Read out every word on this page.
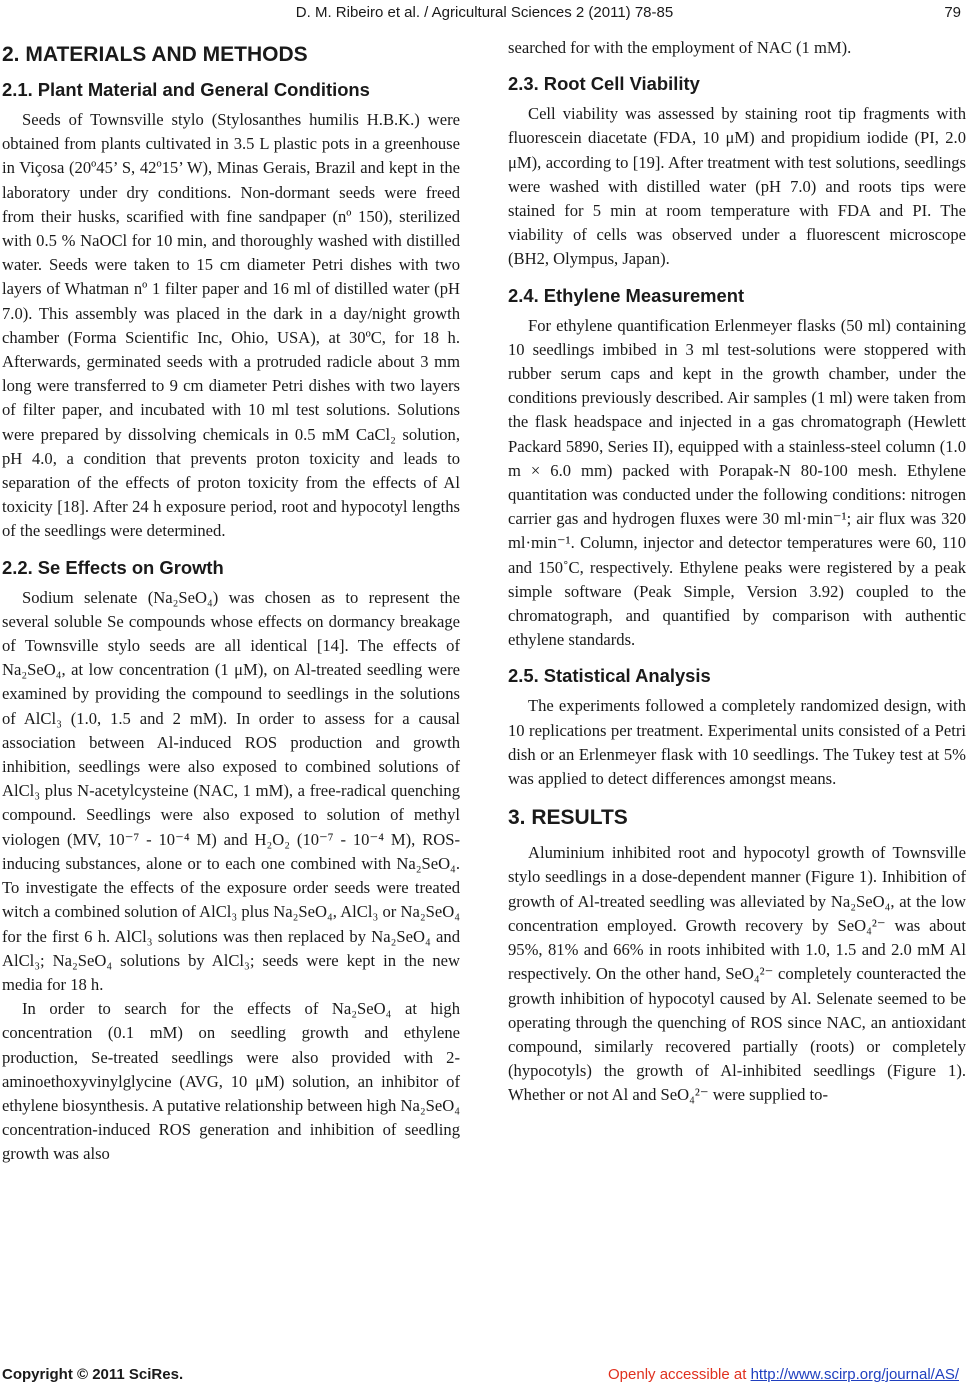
D. M. Ribeiro et al. / Agricultural Sciences 2 (2011) 78-85	79
2. MATERIALS AND METHODS
2.1. Plant Material and General Conditions

Seeds of Townsville stylo (Stylosanthes humilis H.B.K.) were obtained from plants cultivated in 3.5 L plastic pots in a greenhouse in Viçosa (20º45’ S, 42º15’ W), Minas Gerais, Brazil and kept in the laboratory under dry conditions. Non-dormant seeds were freed from their husks, scarified with fine sandpaper (nº 150), sterilized with 0.5 % NaOCl for 10 min, and thoroughly washed with distilled water. Seeds were taken to 15 cm diameter Petri dishes with two layers of Whatman nº 1 filter paper and 16 ml of distilled water (pH 7.0). This assembly was placed in the dark in a day/night growth chamber (Forma Scientific Inc, Ohio, USA), at 30ºC, for 18 h. Afterwards, germinated seeds with a protruded radicle about 3 mm long were transferred to 9 cm diameter Petri dishes with two layers of filter paper, and incubated with 10 ml test solutions. Solutions were prepared by dissolving chemicals in 0.5 mM CaCl₂ solution, pH 4.0, a condition that prevents proton toxicity and leads to separation of the effects of proton toxicity from the effects of Al toxicity [18]. After 24 h exposure period, root and hypocotyl lengths of the seedlings were determined.

2.2. Se Effects on Growth

Sodium selenate (Na₂SeO₄) was chosen as to represent the several soluble Se compounds whose effects on dormancy breakage of Townsville stylo seeds are all identical [14]. The effects of Na₂SeO₄, at low concentration (1 μM), on Al-treated seedling were examined by providing the compound to seedlings in the solutions of AlCl₃ (1.0, 1.5 and 2 mM). In order to assess for a causal association between Al-induced ROS production and growth inhibition, seedlings were also exposed to combined solutions of AlCl₃ plus N-acetylcysteine (NAC, 1 mM), a free-radical quenching compound. Seedlings were also exposed to solution of methyl viologen (MV, 10⁻⁷ - 10⁻⁴ M) and H₂O₂ (10⁻⁷ - 10⁻⁴ M), ROS-inducing substances, alone or to each one combined with Na₂SeO₄. To investigate the effects of the exposure order seeds were treated witch a combined solution of AlCl₃ plus Na₂SeO₄, AlCl₃ or Na₂SeO₄ for the first 6 h. AlCl₃ solutions was then replaced by Na₂SeO₄ and AlCl₃; Na₂SeO₄ solutions by AlCl₃; seeds were kept in the new media for 18 h.

In order to search for the effects of Na₂SeO₄ at high concentration (0.1 mM) on seedling growth and ethylene production, Se-treated seedlings were also provided with 2-aminoethoxyvinylglycine (AVG, 10 μM) solution, an inhibitor of ethylene biosynthesis. A putative relationship between high Na₂SeO₄ concentration-induced ROS generation and inhibition of seedling growth was also

searched for with the employment of NAC (1 mM).

2.3. Root Cell Viability

Cell viability was assessed by staining root tip fragments with fluorescein diacetate (FDA, 10 μM) and propidium iodide (PI, 2.0 μM), according to [19]. After treatment with test solutions, seedlings were washed with distilled water (pH 7.0) and roots tips were stained for 5 min at room temperature with FDA and PI. The viability of cells was observed under a fluorescent microscope (BH2, Olympus, Japan).

2.4. Ethylene Measurement

For ethylene quantification Erlenmeyer flasks (50 ml) containing 10 seedlings imbibed in 3 ml test-solutions were stoppered with rubber serum caps and kept in the growth chamber, under the conditions previously described. Air samples (1 ml) were taken from the flask headspace and injected in a gas chromatograph (Hewlett Packard 5890, Series II), equipped with a stainless-steel column (1.0 m × 6.0 mm) packed with Porapak-N 80-100 mesh. Ethylene quantitation was conducted under the following conditions: nitrogen carrier gas and hydrogen fluxes were 30 ml·min⁻¹; air flux was 320 ml·min⁻¹. Column, injector and detector temperatures were 60, 110 and 150˚C, respectively. Ethylene peaks were registered by a peak simple software (Peak Simple, Version 3.92) coupled to the chromatograph, and quantified by comparison with authentic ethylene standards.

2.5. Statistical Analysis

The experiments followed a completely randomized design, with 10 replications per treatment. Experimental units consisted of a Petri dish or an Erlenmeyer flask with 10 seedlings. The Tukey test at 5% was applied to detect differences amongst means.

3. RESULTS

Aluminium inhibited root and hypocotyl growth of Townsville stylo seedlings in a dose-dependent manner (Figure 1). Inhibition of growth of Al-treated seedling was alleviated by Na₂SeO₄, at the low concentration employed. Growth recovery by SeO₄²⁻ was about 95%, 81% and 66% in roots inhibited with 1.0, 1.5 and 2.0 mM Al respectively. On the other hand, SeO₄²⁻ completely counteracted the growth inhibition of hypocotyl caused by Al. Selenate seemed to be operating through the quenching of ROS since NAC, an antioxidant compound, similarly recovered partially (roots) or completely (hypocotyls) the growth of Al-inhibited seedlings (Figure 1). Whether or not Al and SeO₄²⁻ were supplied to-

Copyright © 2011 SciRes.	Openly accessible at http://www.scirp.org/journal/AS/
